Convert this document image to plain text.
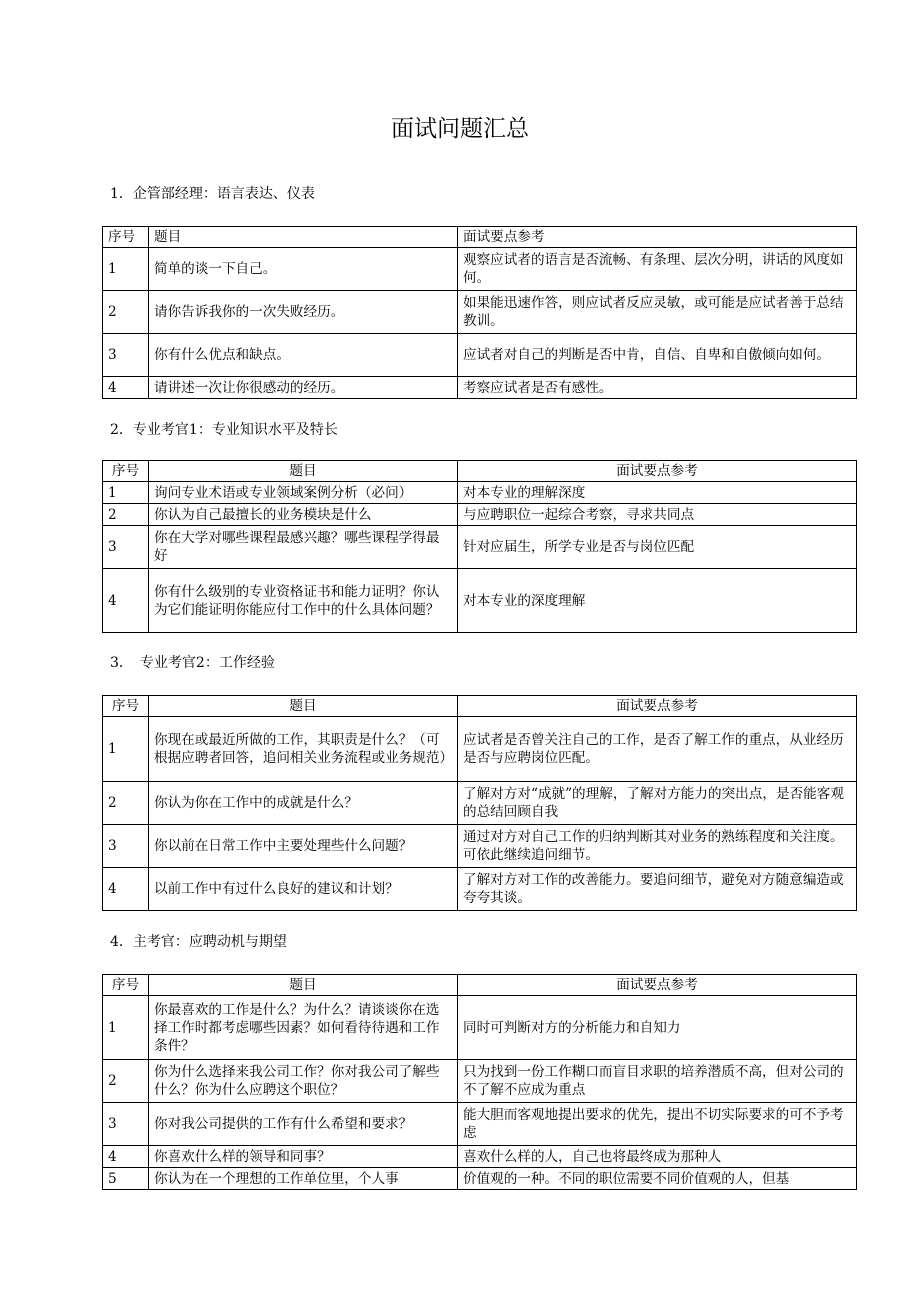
面试问题汇总

1．企管部经理：语言表达、仪表

序号	题目	面试要点参考
1	简单的谈一下自己。	观察应试者的语言是否流畅、有条理、层次分明，讲话的风度如何。
2	请你告诉我你的一次失败经历。	如果能迅速作答，则应试者反应灵敏，或可能是应试者善于总结教训。
3	你有什么优点和缺点。	应试者对自己的判断是否中肯，自信、自卑和自傲倾向如何。
4	请讲述一次让你很感动的经历。	考察应试者是否有感性。

2．专业考官1：专业知识水平及特长

序号	题目	面试要点参考
1	询问专业术语或专业领域案例分析（必问）	对本专业的理解深度
2	你认为自己最擅长的业务模块是什么	与应聘职位一起综合考察，寻求共同点
3	你在大学对哪些课程最感兴趣？哪些课程学得最好	针对应届生，所学专业是否与岗位匹配
4	你有什么级别的专业资格证书和能力证明？你认为它们能证明你能应付工作中的什么具体问题？	对本专业的深度理解

3．　专业考官2：工作经验

序号	题目	面试要点参考
1	你现在或最近所做的工作，其职责是什么？（可根据应聘者回答，追问相关业务流程或业务规范）	应试者是否曾关注自己的工作，是否了解工作的重点，从业经历是否与应聘岗位匹配。
2	你认为你在工作中的成就是什么？	了解对方对“成就”的理解，了解对方能力的突出点，是否能客观的总结回顾自我
3	你以前在日常工作中主要处理些什么问题？	通过对方对自己工作的归纳判断其对业务的熟练程度和关注度。可依此继续追问细节。
4	以前工作中有过什么良好的建议和计划？	了解对方对工作的改善能力。要追问细节，避免对方随意编造或夸夸其谈。

4．主考官：应聘动机与期望

序号	题目	面试要点参考
1	你最喜欢的工作是什么？为什么？请谈谈你在选择工作时都考虑哪些因素？如何看待待遇和工作条件？	同时可判断对方的分析能力和自知力
2	你为什么选择来我公司工作？你对我公司了解些什么？你为什么应聘这个职位？	只为找到一份工作糊口而盲目求职的培养潜质不高，但对公司的不了解不应成为重点
3	你对我公司提供的工作有什么希望和要求？	能大胆而客观地提出要求的优先，提出不切实际要求的可不予考虑
4	你喜欢什么样的领导和同事？	喜欢什么样的人，自己也将最终成为那种人
5	你认为在一个理想的工作单位里，个人事	价值观的一种。不同的职位需要不同价值观的人，但基
